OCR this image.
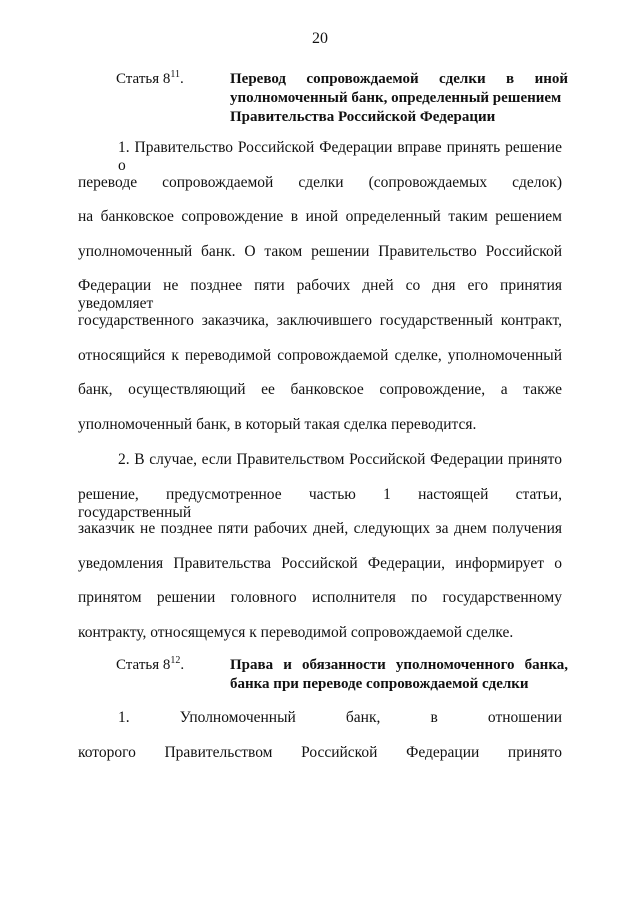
20
Статья $8^{11}$.	Перевод сопровождаемой сделки в иной
уполномоченный банк, определенный решением
Правительства Российской Федерации
1. Правительство Российской Федерации вправе принять решение о
переводе сопровождаемой сделки (сопровождаемых сделок)
на банковское сопровождение в иной определенный таким решением
уполномоченный банк. О таком решении Правительство Российской
Федерации не позднее пяти рабочих дней со дня его принятия уведомляет
государственного заказчика, заключившего государственный контракт,
относящийся к переводимой сопровождаемой сделке, уполномоченный
банк, осуществляющий ее банковское сопровождение, а также
уполномоченный банк, в который такая сделка переводится.
2. В случае, если Правительством Российской Федерации принято
решение, предусмотренное частью 1 настоящей статьи, государственный
заказчик не позднее пяти рабочих дней, следующих за днем получения
уведомления Правительства Российской Федерации, информирует о
принятом решении головного исполнителя по государственному
контракту, относящемуся к переводимой сопровождаемой сделке.
Статья $8^{12}$.	Права и обязанности уполномоченного банка,
банка при переводе сопровождаемой сделки
1. Уполномоченный банк, в отношении
которого Правительством Российской Федерации принято
